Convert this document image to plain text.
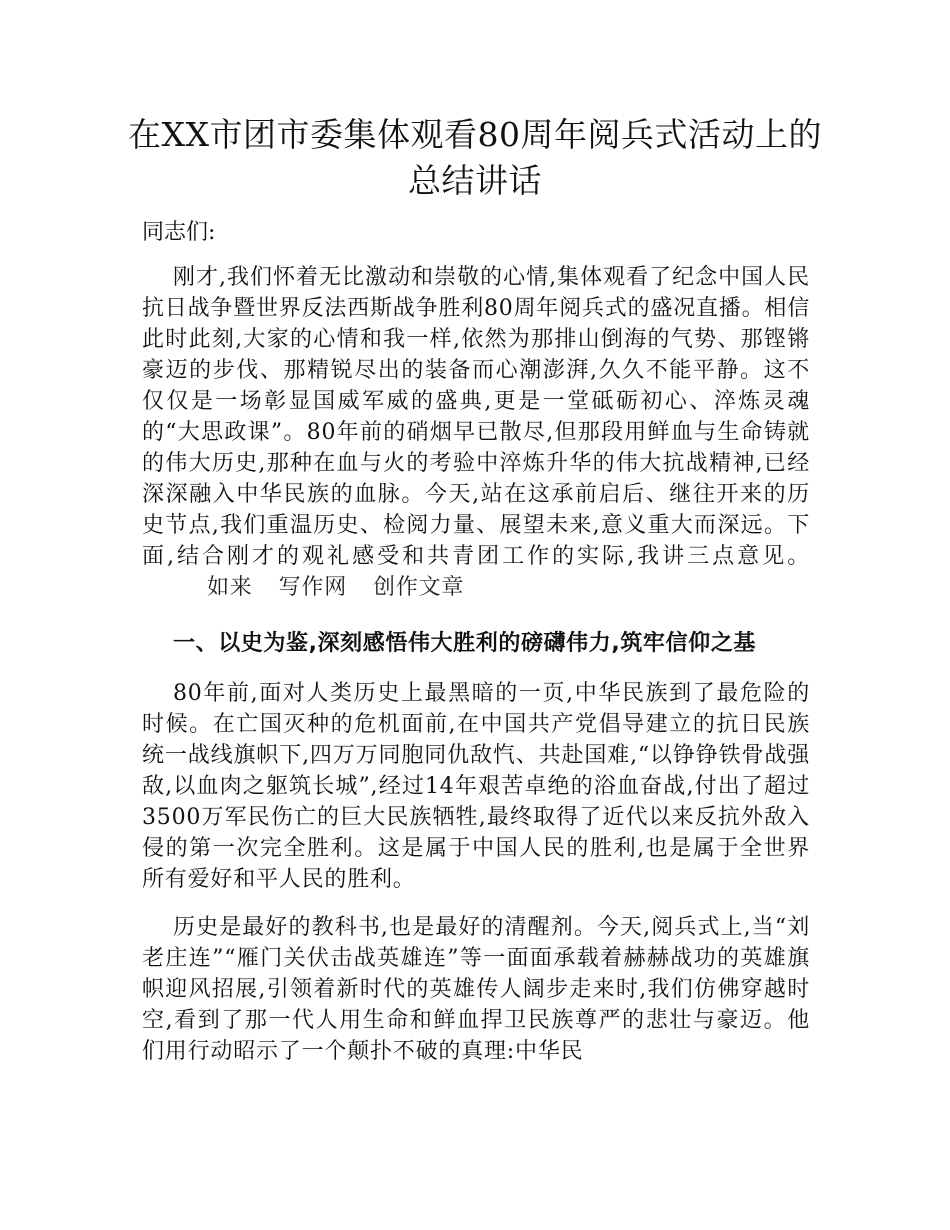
在XX市团市委集体观看80周年阅兵式活动上的总结讲话

同志们:

刚才,我们怀着无比激动和崇敬的心情,集体观看了纪念中国人民抗日战争暨世界反法西斯战争胜利80周年阅兵式的盛况直播。相信此时此刻,大家的心情和我一样,依然为那排山倒海的气势、那铿锵豪迈的步伐、那精锐尽出的装备而心潮澎湃,久久不能平静。这不仅仅是一场彰显国威军威的盛典,更是一堂砥砺初心、淬炼灵魂的“大思政课”。80年前的硝烟早已散尽,但那段用鲜血与生命铸就的伟大历史,那种在血与火的考验中淬炼升华的伟大抗战精神,已经深深融入中华民族的血脉。今天,站在这承前启后、继往开来的历史节点,我们重温历史、检阅力量、展望未来,意义重大而深远。下面,结合刚才的观礼感受和共青团工作的实际,我讲三点意见。如来 写作网 创作文章

一、以史为鉴,深刻感悟伟大胜利的磅礴伟力,筑牢信仰之基

80年前,面对人类历史上最黑暗的一页,中华民族到了最危险的时候。在亡国灭种的危机面前,在中国共产党倡导建立的抗日民族统一战线旗帜下,四万万同胞同仇敌忾、共赴国难,“以铮铮铁骨战强敌,以血肉之躯筑长城”,经过14年艰苦卓绝的浴血奋战,付出了超过3500万军民伤亡的巨大民族牺牲,最终取得了近代以来反抗外敌入侵的第一次完全胜利。这是属于中国人民的胜利,也是属于全世界所有爱好和平人民的胜利。

历史是最好的教科书,也是最好的清醒剂。今天,阅兵式上,当“刘老庄连”“雁门关伏击战英雄连”等一面面承载着赫赫战功的英雄旗帜迎风招展,引领着新时代的英雄传人阔步走来时,我们仿佛穿越时空,看到了那一代人用生命和鲜血捍卫民族尊严的悲壮与豪迈。他们用行动昭示了一个颠扑不破的真理:中华民
